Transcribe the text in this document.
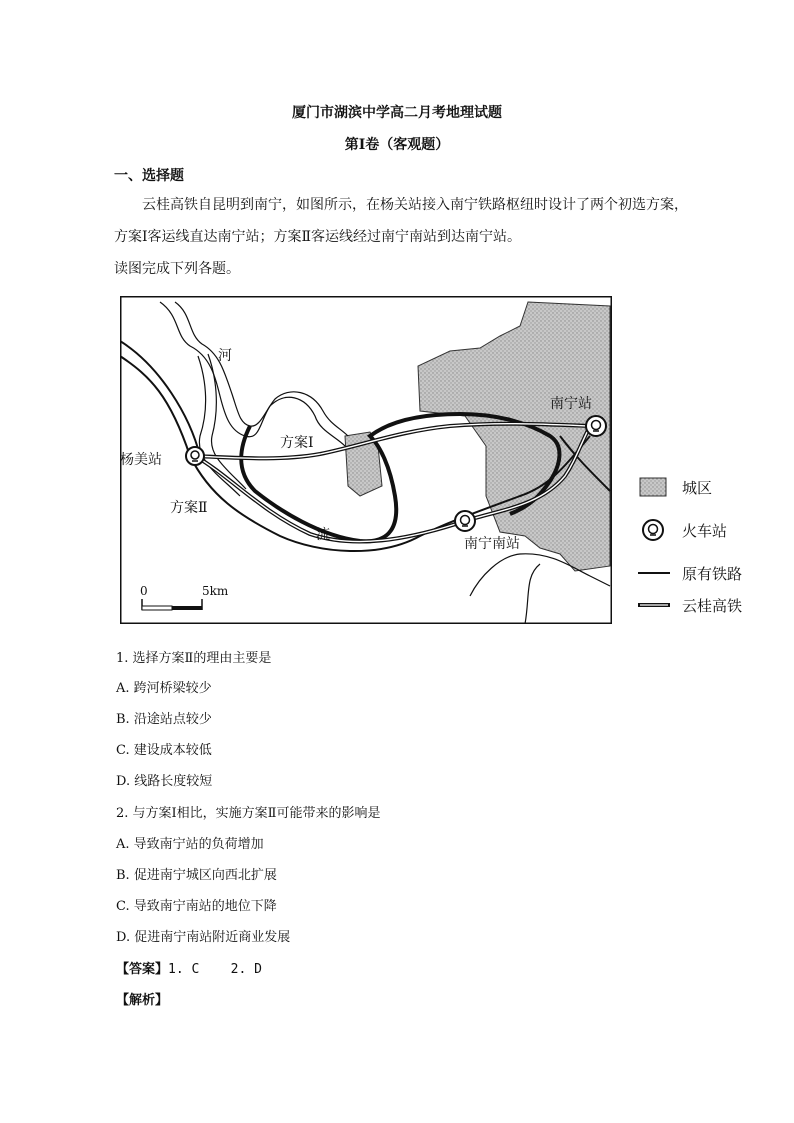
厦门市湖滨中学高二月考地理试题
第Ⅰ卷（客观题）
一、选择题
云桂高铁自昆明到南宁，如图所示，在杨关站接入南宁铁路枢纽时设计了两个初选方案，
方案Ⅰ客运线直达南宁站；方案Ⅱ客运线经过南宁南站到达南宁站。
读图完成下列各题。
河
流
杨美站
南宁站
南宁南站
方案Ⅰ
方案Ⅱ
0	5km
城区
火车站
原有铁路
云桂高铁
1. 选择方案Ⅱ的理由主要是
A. 跨河桥梁较少
B. 沿途站点较少
C. 建设成本较低
D. 线路长度较短
2. 与方案Ⅰ相比，实施方案Ⅱ可能带来的影响是
A. 导致南宁站的负荷增加
B. 促进南宁城区向西北扩展
C. 导致南宁南站的地位下降
D. 促进南宁南站附近商业发展
【答案】1. C    2. D
【解析】
